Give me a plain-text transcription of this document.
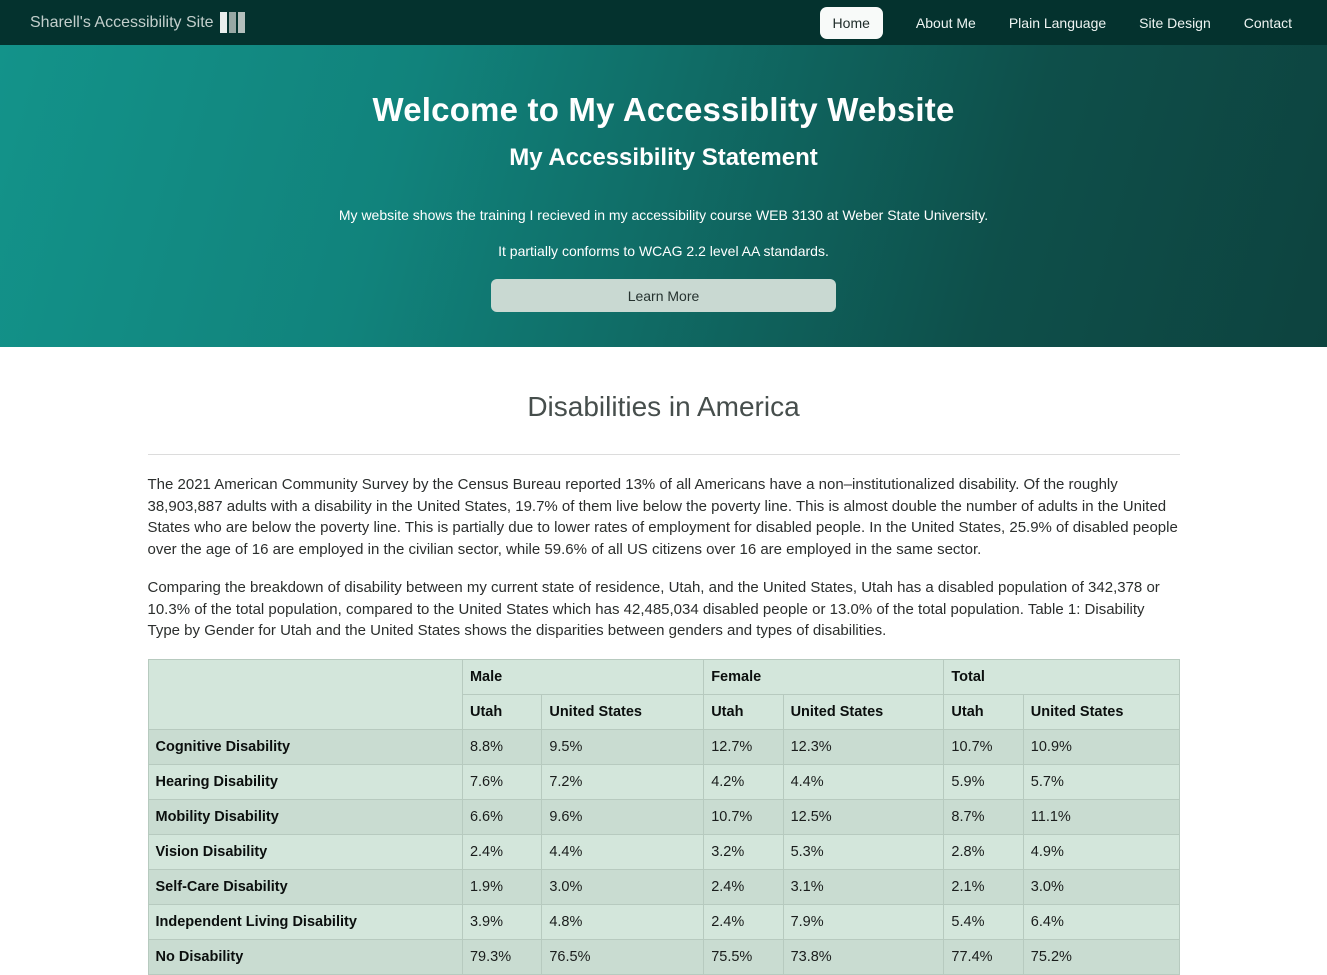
Sharell's Accessibility Site	Home	About Me Plain Language Site Design Contact
Welcome to My Accessiblity Website
My Accessibility Statement

My website shows the training I recieved in my accessibility course WEB 3130 at Weber State University.

It partially conforms to WCAG 2.2 level AA standards.

Learn More
Disabilities in America

The 2021 American Community Survey by the Census Bureau reported 13% of all Americans have a non–institutionalized disability. Of the roughly 38,903,887 adults with a disability in the United States, 19.7% of them live below the poverty line. This is almost double the number of adults in the United States who are below the poverty line. This is partially due to lower rates of employment for disabled people. In the United States, 25.9% of disabled people over the age of 16 are employed in the civilian sector, while 59.6% of all US citizens over 16 are employed in the same sector.

Comparing the breakdown of disability between my current state of residence, Utah, and the United States, Utah has a disabled population of 342,378 or 10.3% of the total population, compared to the United States which has 42,485,034 disabled people or 13.0% of the total population. Table 1: Disability Type by Gender for Utah and the United States shows the disparities between genders and types of disabilities.

	Male		Female		Total	
	Utah	United States	Utah	United States	Utah	United States
Cognitive Disability	8.8%	9.5%	12.7%	12.3%	10.7%	10.9%
Hearing Disability	7.6%	7.2%	4.2%	4.4%	5.9%	5.7%
Mobility Disability	6.6%	9.6%	10.7%	12.5%	8.7%	11.1%
Vision Disability	2.4%	4.4%	3.2%	5.3%	2.8%	4.9%
Self-Care Disability	1.9%	3.0%	2.4%	3.1%	2.1%	3.0%
Independent Living Disability	3.9%	4.8%	2.4%	7.9%	5.4%	6.4%
No Disability	79.3%	76.5%	75.5%	73.8%	77.4%	75.2%
